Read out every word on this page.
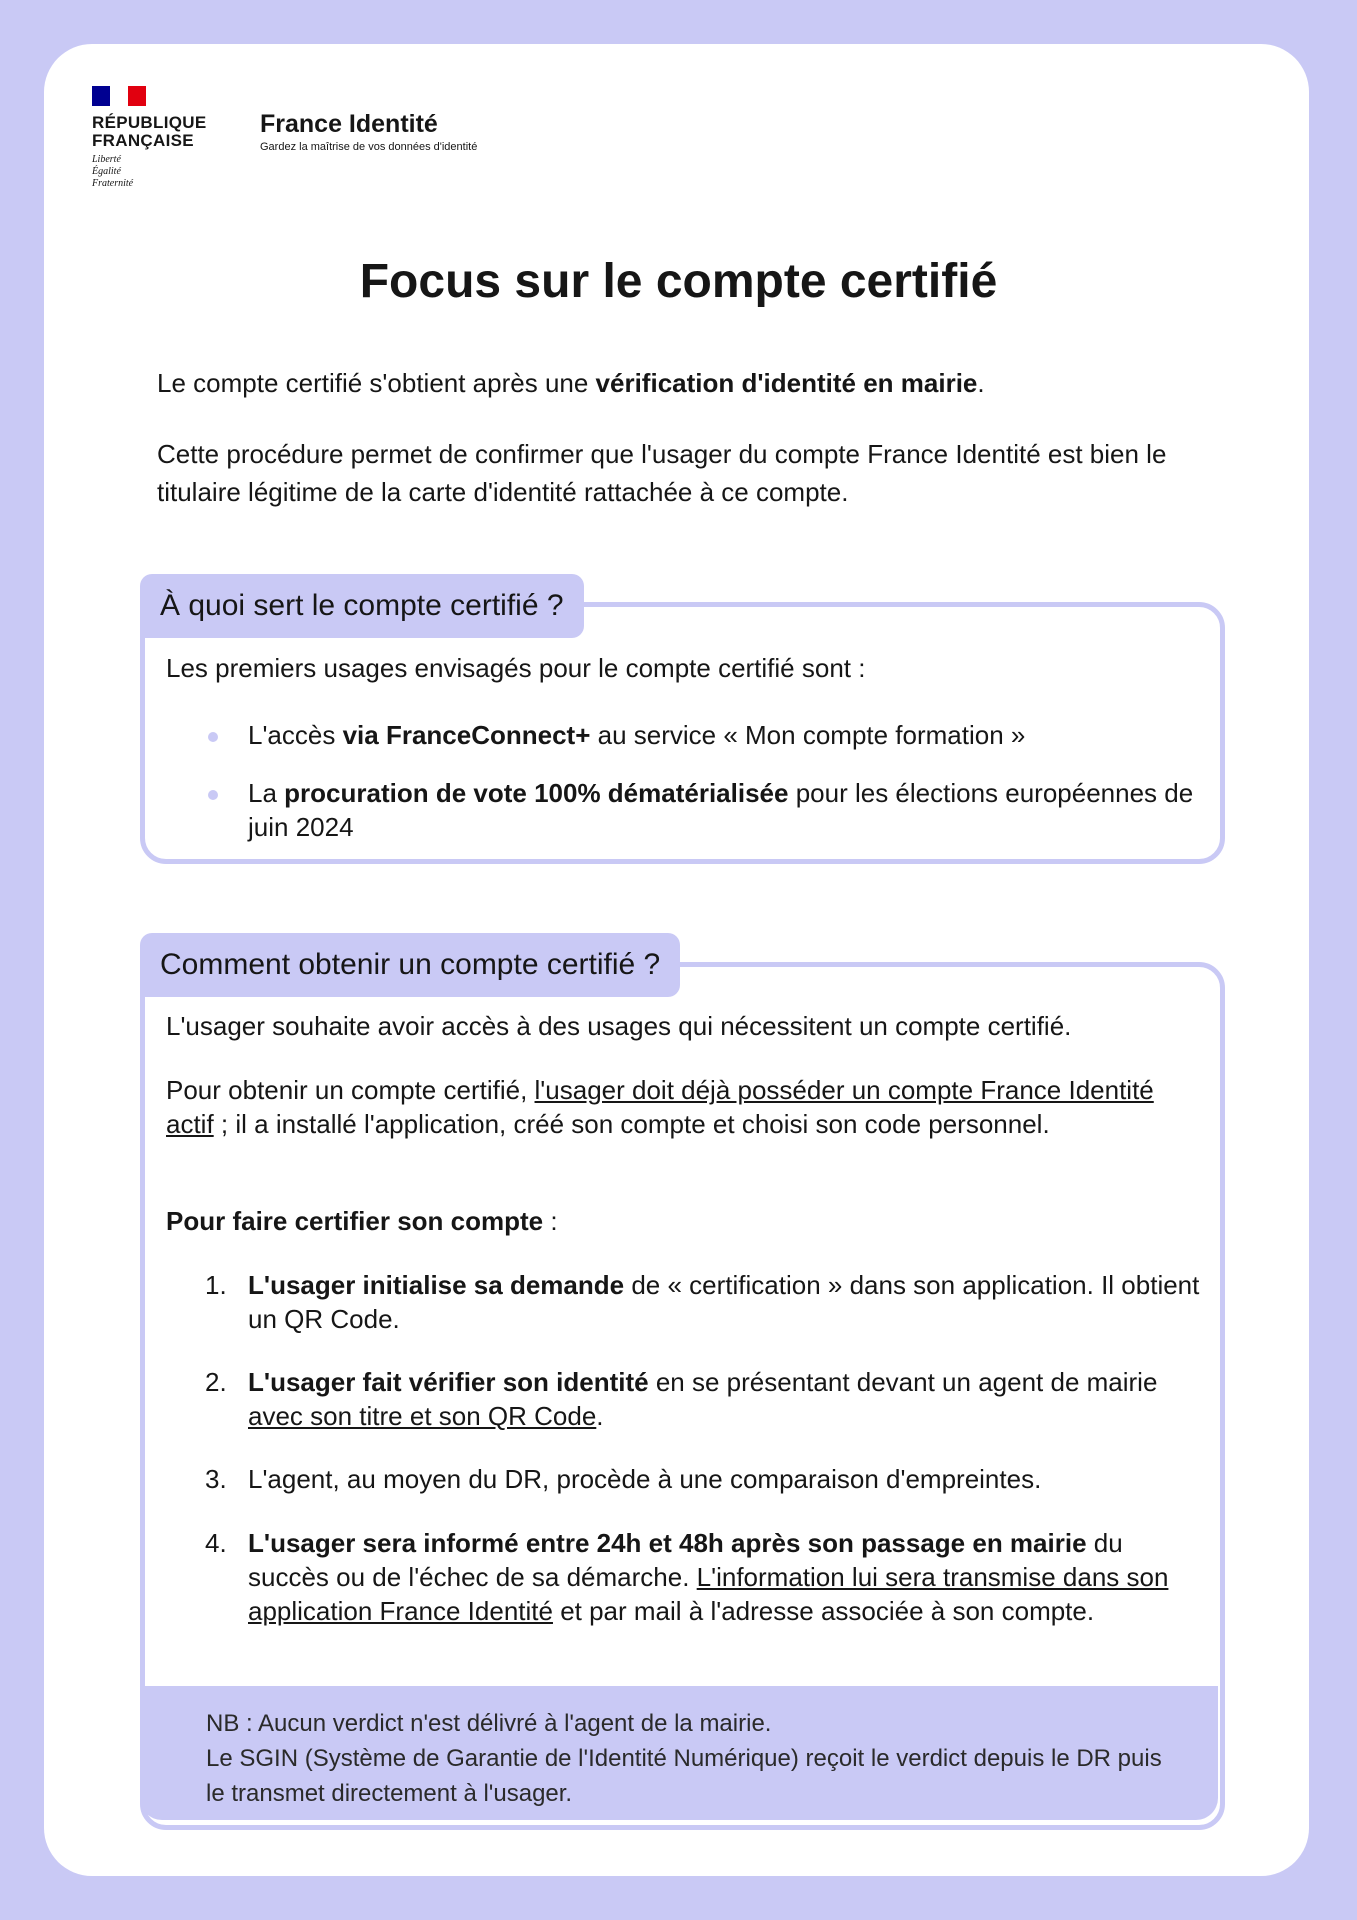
RÉPUBLIQUE
FRANÇAISE
Liberté
Égalité
Fraternité
France Identité
Gardez la maîtrise de vos données d'identité
Focus sur le compte certifié
Le compte certifié s'obtient après une vérification d'identité en mairie.
Cette procédure permet de confirmer que l'usager du compte France Identité est bien le titulaire légitime de la carte d'identité rattachée à ce compte.
À quoi sert le compte certifié ?
Les premiers usages envisagés pour le compte certifié sont :
L'accès via FranceConnect+ au service « Mon compte formation »
La procuration de vote 100% dématérialisée pour les élections européennes de juin 2024
Comment obtenir un compte certifié ?
L'usager souhaite avoir accès à des usages qui nécessitent un compte certifié.
Pour obtenir un compte certifié, l'usager doit déjà posséder un compte France Identité actif ; il a installé l'application, créé son compte et choisi son code personnel.
Pour faire certifier son compte :
1. L'usager initialise sa demande de « certification » dans son application. Il obtient un QR Code.
2. L'usager fait vérifier son identité en se présentant devant un agent de mairie avec son titre et son QR Code.
3. L'agent, au moyen du DR, procède à une comparaison d'empreintes.
4. L'usager sera informé entre 24h et 48h après son passage en mairie du succès ou de l'échec de sa démarche. L'information lui sera transmise dans son application France Identité et par mail à l'adresse associée à son compte.
NB : Aucun verdict n'est délivré à l'agent de la mairie.
Le SGIN (Système de Garantie de l'Identité Numérique) reçoit le verdict depuis le DR puis le transmet directement à l'usager.
